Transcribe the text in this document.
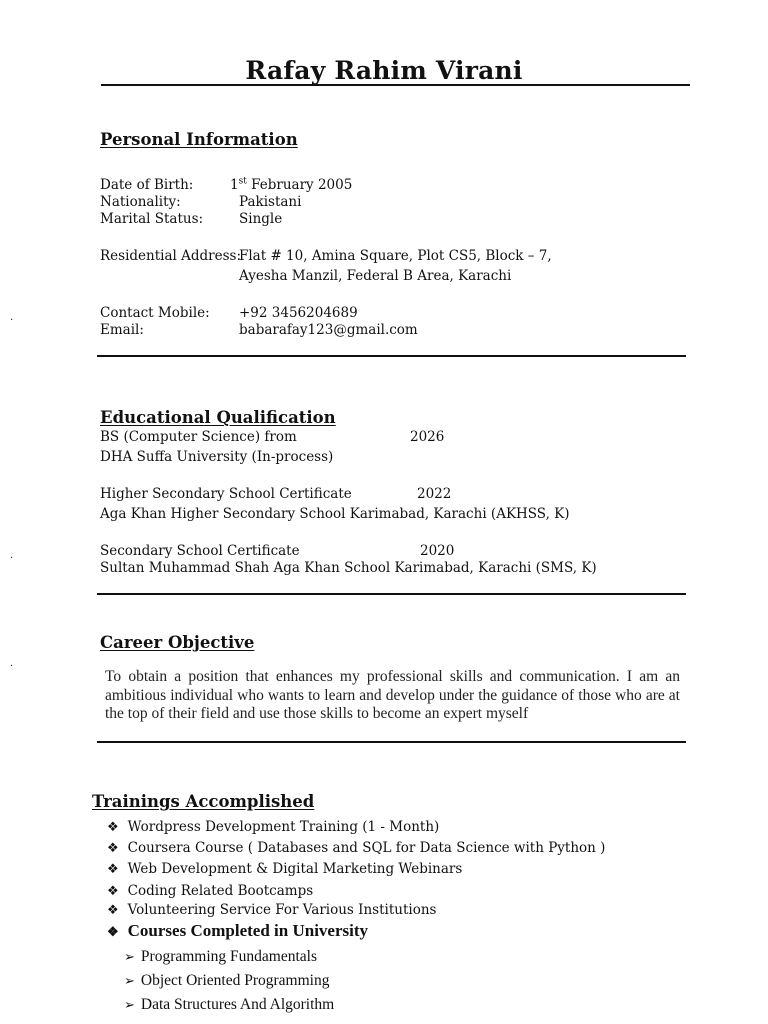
Rafay Rahim Virani
Personal Information
Date of Birth:	1st February 2005
Nationality:	Pakistani
Marital Status:	Single
Residential Address:
Flat # 10, Amina Square, Plot CS5, Block – 7,
Ayesha Manzil, Federal B Area, Karachi
Contact Mobile: +92 3456204689
Email:	babarafay123@gmail.com
.
Educational Qualification
BS (Computer Science) from	2026
DHA Suffa University (In-process)
Higher Secondary School Certificate	2022
Aga Khan Higher Secondary School Karimabad, Karachi (AKHSS, K)
Secondary School Certificate	2020
Sultan Muhammad Shah Aga Khan School Karimabad, Karachi (SMS, K)
.
Career Objective
To obtain a position that enhances my professional skills and communication. I am an ambitious individual who wants to learn and develop under the guidance of those who are at the top of their field and use those skills to become an expert myself
.
Trainings Accomplished
❖ Wordpress Development Training (1 - Month)
❖ Coursera Course ( Databases and SQL for Data Science with Python )
❖ Web Development & Digital Marketing Webinars
❖ Coding Related Bootcamps
❖ Volunteering Service For Various Institutions
❖ Courses Completed in University
➢ Programming Fundamentals
➢ Object Oriented Programming
➢ Data Structures And Algorithm
